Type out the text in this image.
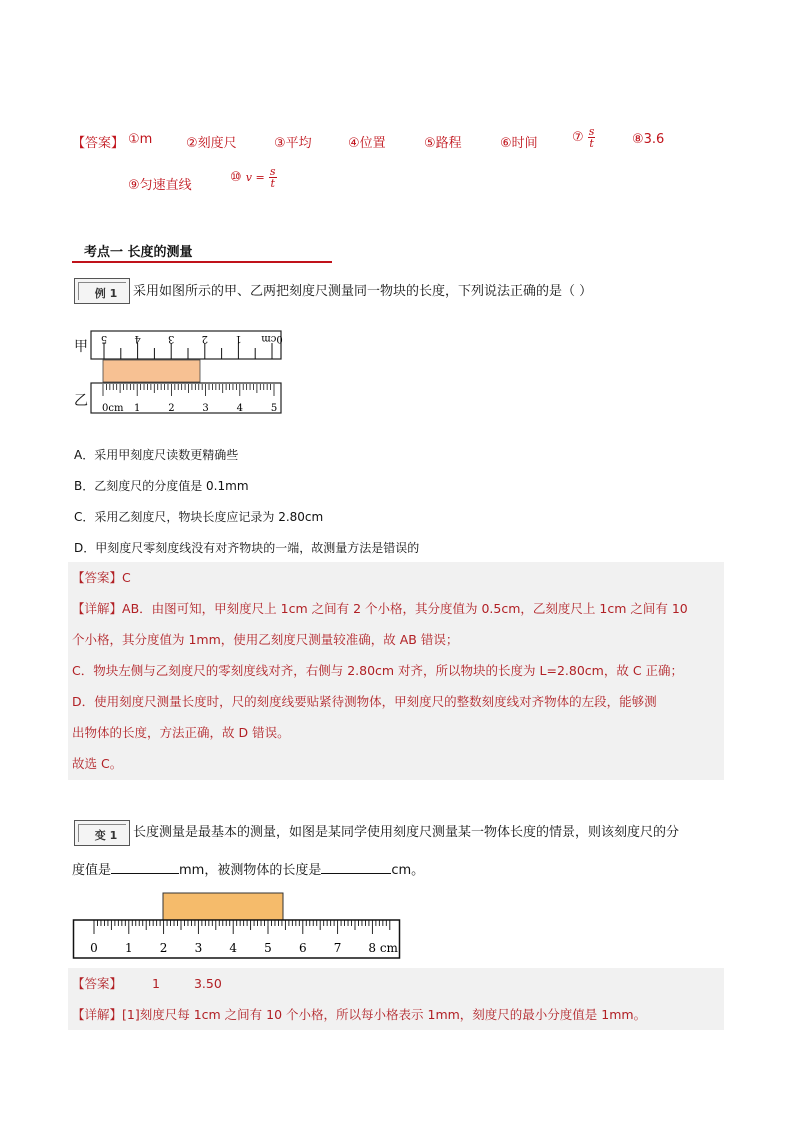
【答案】 ①m	②刻度尺	③平均	④位置	⑤路程	⑥时间	⑦ $\frac{s}{t}$	⑧3.6
⑨匀速直线
⑩ $v = \frac{s}{t}$
考点一 长度的测量
例 1	采用如图所示的甲、乙两把刻度尺测量同一物块的长度，下列说法正确的是（ ）
甲
乙
5	4	3	2	1 0cm
0cm 1	2	3	4	5
A．采用甲刻度尺读数更精确些
B．乙刻度尺的分度值是 0.1mm
C．采用乙刻度尺，物块长度应记录为 2.80cm
D．甲刻度尺零刻度线没有对齐物块的一端，故测量方法是错误的
【答案】C
【详解】AB．由图可知，甲刻度尺上 1cm 之间有 2 个小格，其分度值为 0.5cm，乙刻度尺上 1cm 之间有 10
个小格，其分度值为 1mm，使用乙刻度尺测量较准确，故 AB 错误；
C．物块左侧与乙刻度尺的零刻度线对齐，右侧与 2.80cm 对齐，所以物块的长度为 L=2.80cm，故 C 正确；
D．使用刻度尺测量长度时，尺的刻度线要贴紧待测物体，甲刻度尺的整数刻度线对齐物体的左段，能够测
出物体的长度，方法正确，故 D 错误。
故选 C。
变 1	长度测量是最基本的测量，如图是某同学使用刻度尺测量某一物体长度的情景，则该刻度尺的分
度值是	mm，被测物体的长度是	cm。
0 1 2 3 4 5 6 7 8 cm
【答案】 1	3.50
【详解】[1]刻度尺每 1cm 之间有 10 个小格，所以每小格表示 1mm，刻度尺的最小分度值是 1mm。
